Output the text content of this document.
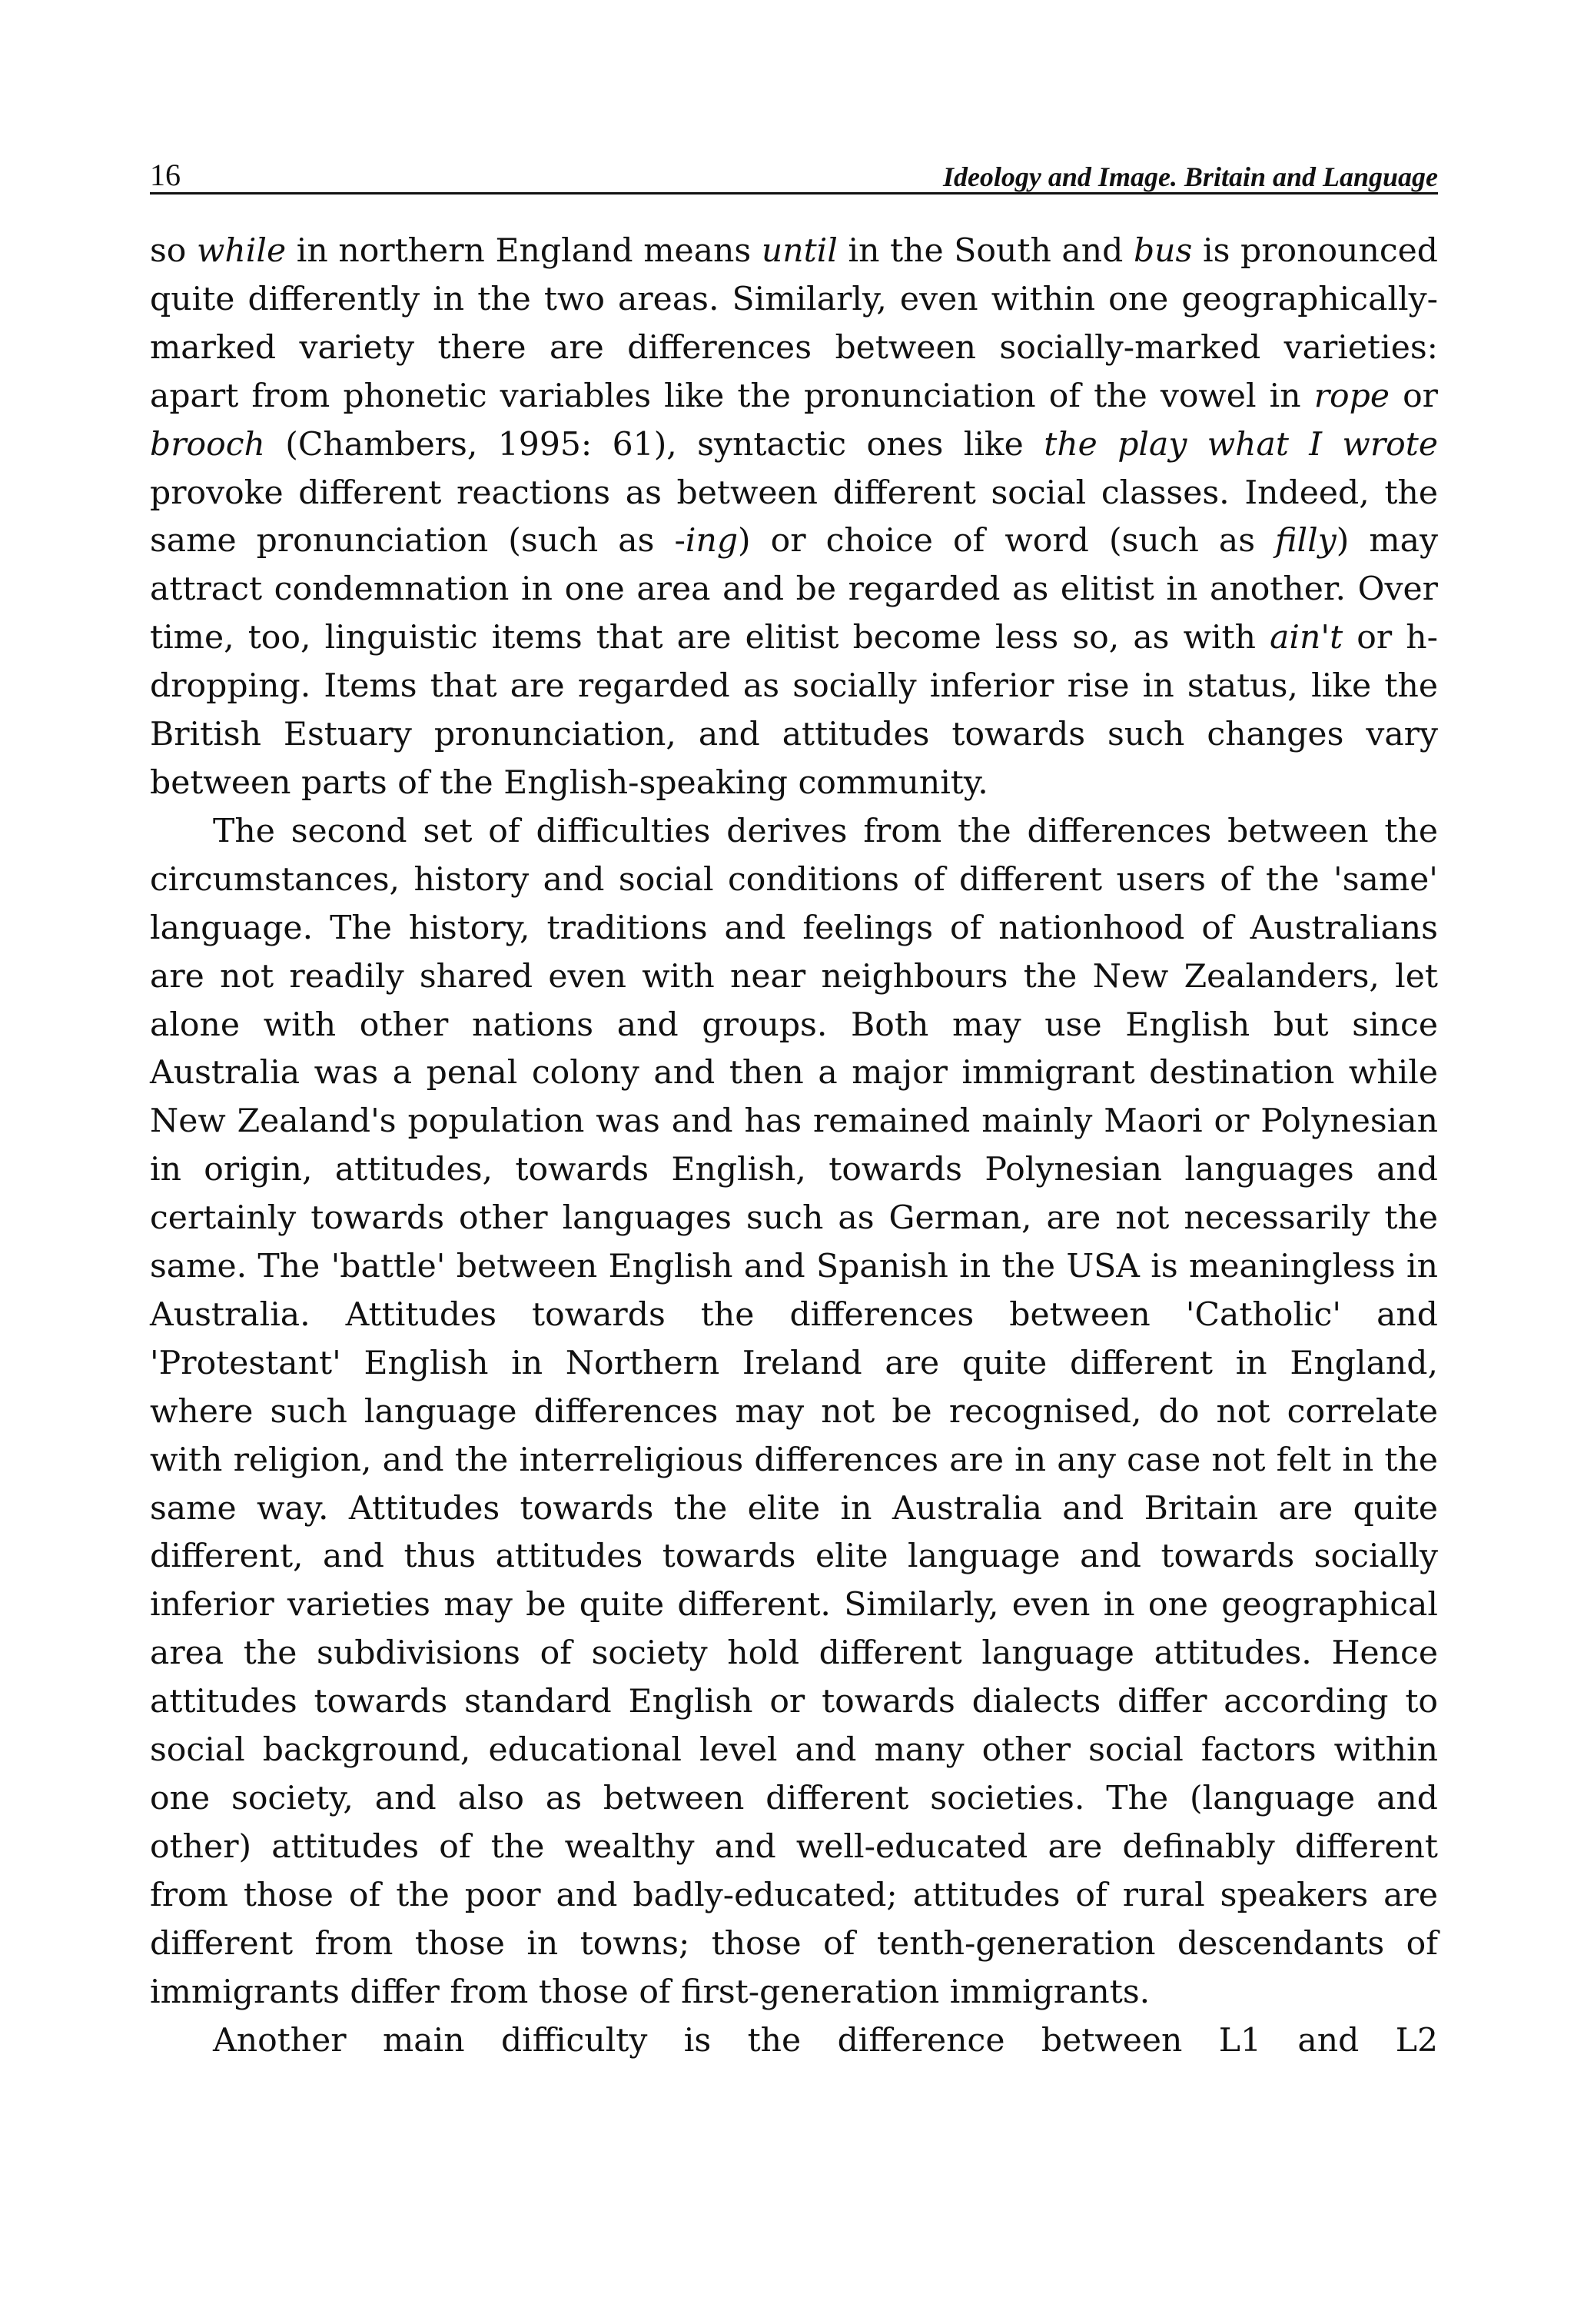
16	Ideology and Image. Britain and Language

so while in northern England means until in the South and bus is pronounced quite differently in the two areas. Similarly, even within one geographically-marked variety there are differences between socially-marked varieties: apart from phonetic variables like the pronunciation of the vowel in rope or brooch (Chambers, 1995: 61), syntactic ones like the play what I wrote provoke different reactions as between different social classes. Indeed, the same pronunciation (such as -ing) or choice of word (such as filly) may attract condemnation in one area and be regarded as elitist in another. Over time, too, linguistic items that are elitist become less so, as with ain't or h-dropping. Items that are regarded as socially inferior rise in status, like the British Estuary pronunciation, and attitudes towards such changes vary between parts of the English-speaking community.

The second set of difficulties derives from the differences between the circumstances, history and social conditions of different users of the 'same' language. The history, traditions and feelings of nationhood of Australians are not readily shared even with near neighbours the New Zealanders, let alone with other nations and groups. Both may use English but since Australia was a penal colony and then a major immigrant destination while New Zealand's population was and has remained mainly Maori or Polynesian in origin, attitudes, towards English, towards Polynesian languages and certainly towards other languages such as German, are not necessarily the same. The 'battle' between English and Spanish in the USA is meaningless in Australia. Attitudes towards the differences between 'Catholic' and 'Protestant' English in Northern Ireland are quite different in England, where such language differences may not be recognised, do not correlate with religion, and the interreligious differences are in any case not felt in the same way. Attitudes towards the elite in Australia and Britain are quite different, and thus attitudes towards elite language and towards socially inferior varieties may be quite different. Similarly, even in one geographical area the subdivisions of society hold different language attitudes. Hence attitudes towards standard English or towards dialects differ according to social background, educational level and many other social factors within one society, and also as between different societies. The (language and other) attitudes of the wealthy and well-educated are definably different from those of the poor and badly-educated; attitudes of rural speakers are different from those in towns; those of tenth-generation descendants of immigrants differ from those of first-generation immigrants.

Another main difficulty is the difference between L1 and L2
